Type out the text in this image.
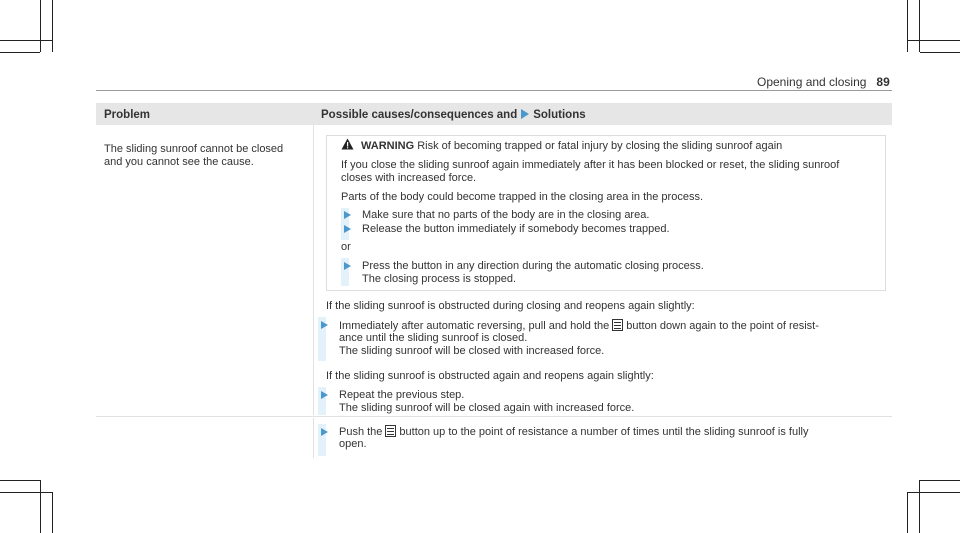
Opening and closing 89
Problem	Possible causes/consequences and Solutions
The sliding sunroof cannot be closed
and you cannot see the cause.
WARNING Risk of becoming trapped or fatal injury by closing the sliding sunroof again
If you close the sliding sunroof again immediately after it has been blocked or reset, the sliding sunroof
closes with increased force.
Parts of the body could become trapped in the closing area in the process.
Make sure that no parts of the body are in the closing area.
Release the button immediately if somebody becomes trapped.
or
Press the button in any direction during the automatic closing process.
The closing process is stopped.
If the sliding sunroof is obstructed during closing and reopens again slightly:
Immediately after automatic reversing, pull and hold the button down again to the point of resist-
ance until the sliding sunroof is closed.
The sliding sunroof will be closed with increased force.
If the sliding sunroof is obstructed again and reopens again slightly:
Repeat the previous step.
The sliding sunroof will be closed again with increased force.
Push the button up to the point of resistance a number of times until the sliding sunroof is fully
open.
